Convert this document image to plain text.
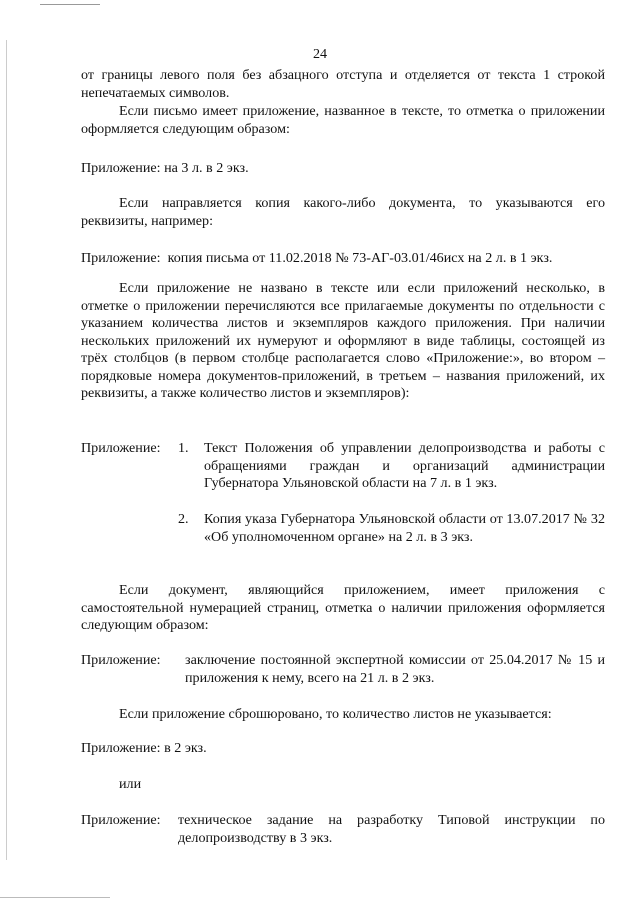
24

от границы левого поля без абзацного отступа и отделяется от текста 1 строкой непечатаемых символов.

Если письмо имеет приложение, названное в тексте, то отметка о приложении оформляется следующим образом:

Приложение: на 3 л. в 2 экз.

Если направляется копия какого-либо документа, то указываются его реквизиты, например:

Приложение:  копия письма от 11.02.2018 № 73-АГ-03.01/46исх на 2 л. в 1 экз.

Если приложение не названо в тексте или если приложений несколько, в отметке о приложении перечисляются все прилагаемые документы по отдельности с указанием количества листов и экземпляров каждого приложения. При наличии нескольких приложений их нумеруют и оформляют в виде таблицы, состоящей из трёх столбцов (в первом столбце располагается слово «Приложение:», во втором – порядковые номера документов-приложений, в третьем – названия приложений, их реквизиты, а также количество листов и экземпляров):

Приложение: 1. Текст Положения об управлении делопроизводства и работы с обращениями граждан и организаций администрации Губернатора Ульяновской области на 7 л. в 1 экз.

2. Копия указа Губернатора Ульяновской области от 13.07.2017 № 32 «Об уполномоченном органе» на 2 л. в 3 экз.

Если документ, являющийся приложением, имеет приложения с самостоятельной нумерацией страниц, отметка о наличии приложения оформляется следующим образом:

Приложение: заключение постоянной экспертной комиссии от 25.04.2017 № 15 и приложения к нему, всего на 21 л. в 2 экз.

Если приложение сброшюровано, то количество листов не указывается:

Приложение: в 2 экз.

или

Приложение: техническое задание на разработку Типовой инструкции по делопроизводству в 3 экз.
